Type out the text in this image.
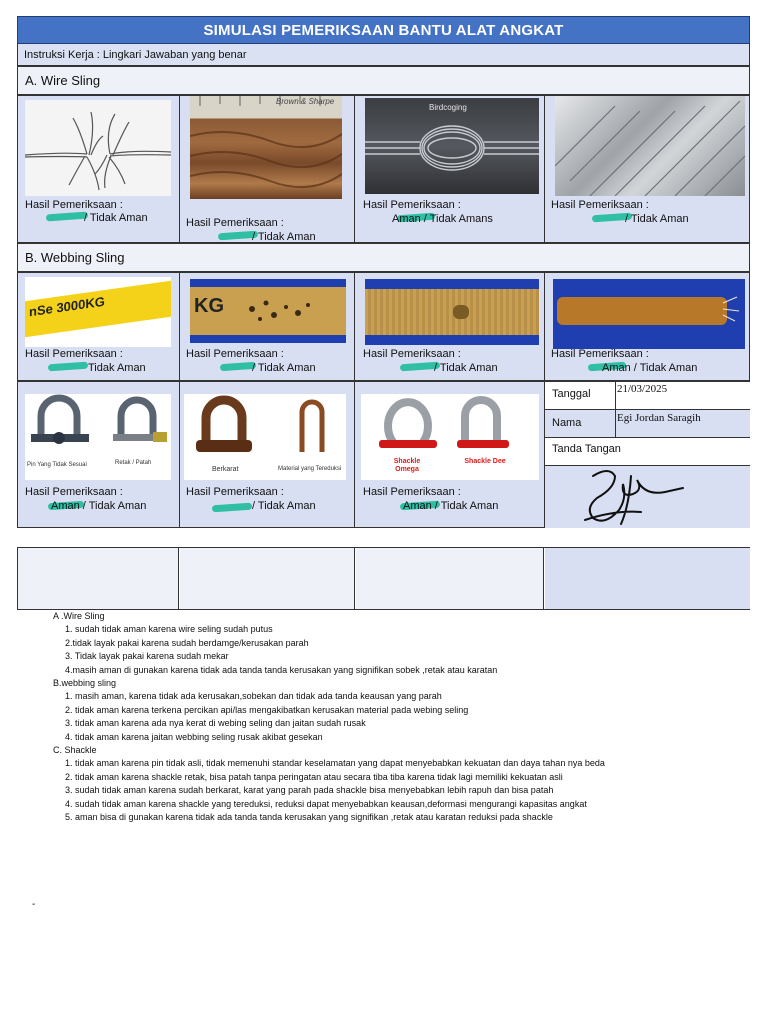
SIMULASI PEMERIKSAAN BANTU ALAT ANGKAT
Instruksi Kerja : Lingkari Jawaban yang benar
A. Wire Sling
Hasil Pemeriksaan :
/ Tidak Aman
Brown & Sharpe
Hasil Pemeriksaan :
/ Tidak Aman
Birdcoging
Hasil Pemeriksaan :
Aman / Tidak Amans
Hasil Pemeriksaan :
/ Tidak Aman
B. Webbing Sling
nSe 3000KG
Hasil Pemeriksaan :
Tidak Aman
KG
Hasil Pemeriksaan :
/ Tidak Aman
Hasil Pemeriksaan :
/ Tidak Aman
Hasil Pemeriksaan :
Aman / Tidak Aman
Pin Yang Tidak Sesuai	Retak / Patah
Hasil Pemeriksaan :
Aman / Tidak Aman
Berkarat	Material yang Tereduksi
Hasil Pemeriksaan :
/ Tidak Aman
Shackle Omega
Shackle Dee
Hasil Pemeriksaan :
Aman / Tidak Aman
Tanggal 21/03/2025
Nama	Egi Jordan Saragih
Tanda Tangan
A .Wire Sling
1. sudah tidak aman karena wire seling sudah putus
2.tidak layak pakai karena sudah berdamge/kerusakan parah
3. Tidak layak pakai karena sudah mekar
4.masih aman di gunakan karena tidak ada tanda tanda kerusakan yang signifikan sobek ,retak atau karatan
B.webbing sling
1. masih aman, karena tidak ada kerusakan,sobekan dan tidak ada tanda keausan yang parah
2. tidak aman karena terkena percikan api/las mengakibatkan kerusakan material pada webing seling
3. tidak aman karena ada nya kerat di webing seling dan jaitan sudah rusak
4. tidak aman karena jaitan webbing seling rusak akibat gesekan
C. Shackle
1. tidak aman karena pin tidak asli, tidak memenuhi standar keselamatan yang dapat menyebabkan kekuatan dan daya tahan nya beda
2. tidak aman karena shackle retak, bisa patah tanpa peringatan atau secara tiba tiba karena tidak lagi memiliki kekuatan asli
3. sudah tidak aman karena sudah berkarat, karat yang parah pada shackle bisa menyebabkan lebih rapuh dan bisa patah
4. sudah tidak aman karena shackle yang tereduksi, reduksi dapat menyebabkan keausan,deformasi mengurangi kapasitas angkat
5. aman bisa di gunakan karena tidak ada tanda tanda kerusakan yang signifikan ,retak atau karatan reduksi pada shackle
-
